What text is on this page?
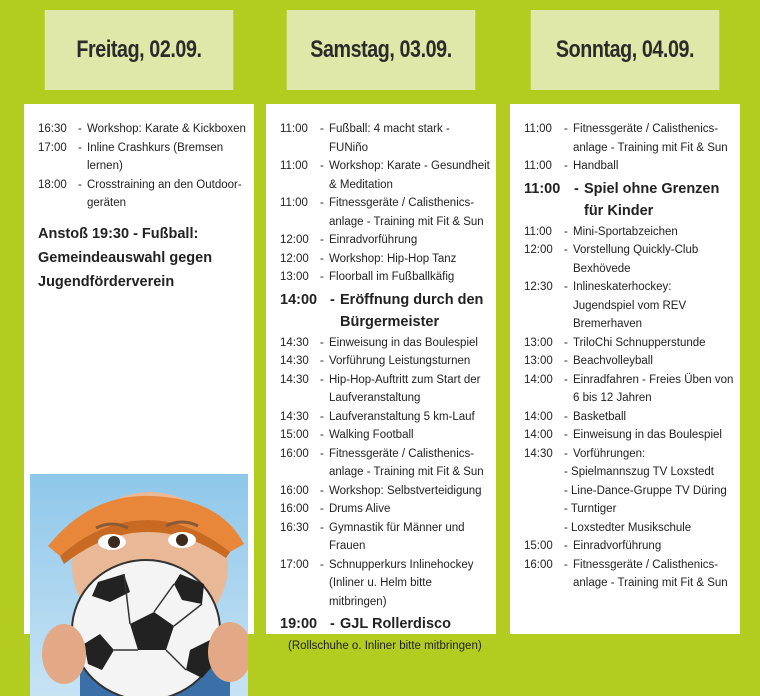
Freitag, 02.09.
16:30 - Workshop: Karate & Kickboxen
17:00 - Inline Crashkurs (Bremsen lernen)
18:00 - Crosstraining an den Outdoor-geräten
Anstoß 19:30 - Fußball: Gemeindeauswahl gegen Jugendförderverein
Samstag, 03.09.
11:00	- Fußball: 4 macht stark - FUNiño
11:00	- Workshop: Karate - Gesundheit & Meditation
11:00	- Fitnessgeräte / Calisthenics-anlage - Training mit Fit & Sun
12:00 - Einradvorführung
12:00 - Workshop: Hip-Hop Tanz
13:00 - Floorball im Fußballkäfig
14:00 - Eröffnung durch den Bürgermeister
14:30 - Einweisung in das Boulespiel
14:30 - Vorführung Leistungsturnen
14:30 - Hip-Hop-Auftritt zum Start der Laufveranstaltung
14:30 - Laufveranstaltung 5 km-Lauf
15:00 - Walking Football
16:00 - Fitnessgeräte / Calisthenics-anlage - Training mit Fit & Sun
16:00 - Workshop: Selbstverteidigung
16:00 - Drums Alive
16:30 - Gymnastik für Männer und Frauen
17:00 - Schnupperkurs Inlinehockey (Inliner u. Helm bitte mitbringen)
19:00 - GJL Rollerdisco
(Rollschuhe o. Inliner bitte mitbringen)
Sonntag, 04.09.
11:00	- Fitnessgeräte / Calisthenics-anlage - Training mit Fit & Sun
11:00	- Handball
11:00 - Spiel ohne Grenzen für Kinder
11:00	- Mini-Sportabzeichen
12:00 - Vorstellung Quickly-Club Bexhövede
12:30 - Inlineskaterhockey: Jugendspiel vom REV Bremerhaven
13:00 - TriloChi Schnupperstunde
13:00 - Beachvolleyball
14:00 - Einradfahren - Freies Üben von 6 bis 12 Jahren
14:00 - Basketball
14:00 - Einweisung in das Boulespiel
14:30 - Vorführungen:
- Spielmannszug TV Loxstedt
- Line-Dance-Gruppe TV Düring
- Turntiger
- Loxstedter Musikschule
15:00 - Einradvorführung
16:00 - Fitnessgeräte / Calisthenics-anlage - Training mit Fit & Sun
